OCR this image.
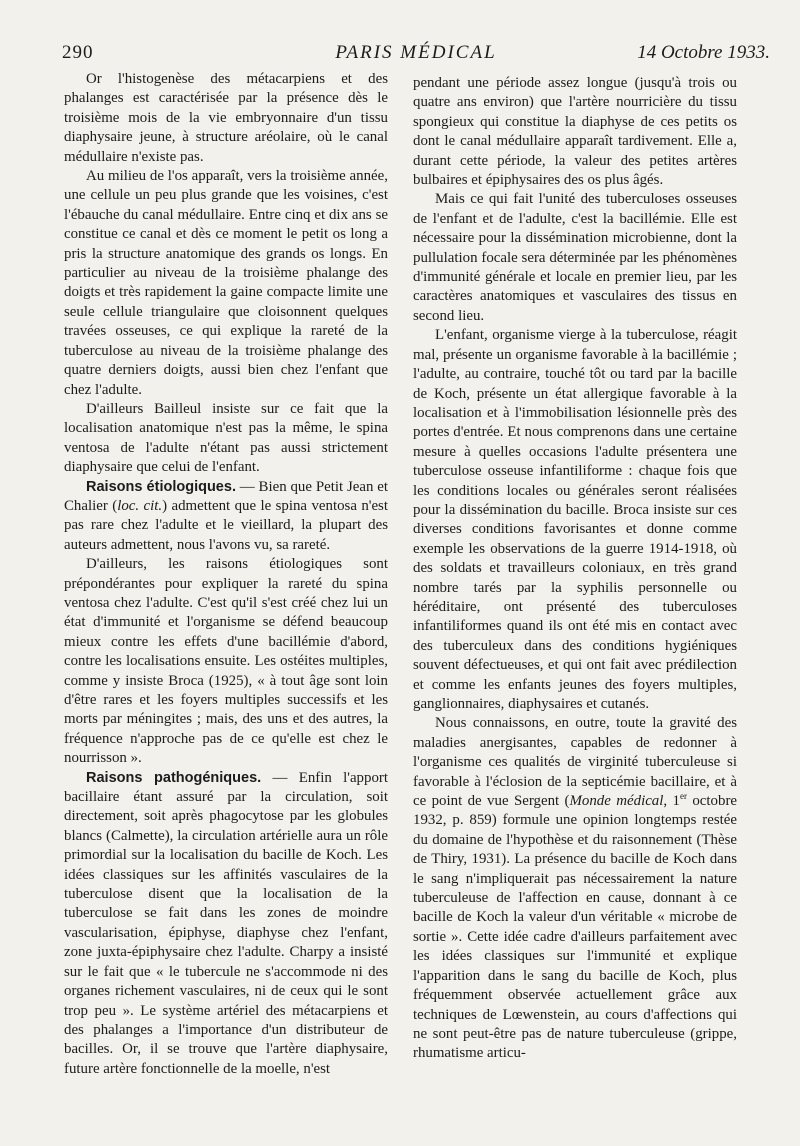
290	PARIS MÉDICAL	14 Octobre 1933.

Or l'histogenèse des métacarpiens et des phalanges est caractérisée par la présence dès le troisième mois de la vie embryonnaire d'un tissu diaphysaire jeune, à structure aréolaire, où le canal médullaire n'existe pas.

Au milieu de l'os apparaît, vers la troisième année, une cellule un peu plus grande que les voisines, c'est l'ébauche du canal médullaire. Entre cinq et dix ans se constitue ce canal et dès ce moment le petit os long a pris la structure anatomique des grands os longs. En particulier au niveau de la troisième phalange des doigts et très rapidement la gaine compacte limite une seule cellule triangulaire que cloisonnent quelques travées osseuses, ce qui explique la rareté de la tuberculose au niveau de la troisième phalange des quatre derniers doigts, aussi bien chez l'enfant que chez l'adulte.

D'ailleurs Bailleul insiste sur ce fait que la localisation anatomique n'est pas la même, le spina ventosa de l'adulte n'étant pas aussi strictement diaphysaire que celui de l'enfant.

Raisons étiologiques. — Bien que Petit Jean et Chalier (loc. cit.) admettent que le spina ventosa n'est pas rare chez l'adulte et le vieillard, la plupart des auteurs admettent, nous l'avons vu, sa rareté.

D'ailleurs, les raisons étiologiques sont prépondérantes pour expliquer la rareté du spina ventosa chez l'adulte. C'est qu'il s'est créé chez lui un état d'immunité et l'organisme se défend beaucoup mieux contre les effets d'une bacillémie d'abord, contre les localisations ensuite. Les ostéites multiples, comme y insiste Broca (1925), « à tout âge sont loin d'être rares et les foyers multiples successifs et les morts par méningites ; mais, des uns et des autres, la fréquence n'approche pas de ce qu'elle est chez le nourrisson ».

Raisons pathogéniques. — Enfin l'apport bacillaire étant assuré par la circulation, soit directement, soit après phagocytose par les globules blancs (Calmette), la circulation artérielle aura un rôle primordial sur la localisation du bacille de Koch. Les idées classiques sur les affinités vasculaires de la tuberculose disent que la localisation de la tuberculose se fait dans les zones de moindre vascularisation, épiphyse, diaphyse chez l'enfant, zone juxta-épiphysaire chez l'adulte. Charpy a insisté sur le fait que « le tubercule ne s'accommode ni des organes richement vasculaires, ni de ceux qui le sont trop peu ». Le système artériel des métacarpiens et des phalanges a l'importance d'un distributeur de bacilles. Or, il se trouve que l'artère diaphysaire, future artère fonctionnelle de la moelle, n'est

pendant une période assez longue (jusqu'à trois ou quatre ans environ) que l'artère nourricière du tissu spongieux qui constitue la diaphyse de ces petits os dont le canal médullaire apparaît tardivement. Elle a, durant cette période, la valeur des petites artères bulbaires et épiphysaires des os plus âgés.

Mais ce qui fait l'unité des tuberculoses osseuses de l'enfant et de l'adulte, c'est la bacillémie. Elle est nécessaire pour la dissémination microbienne, dont la pullulation focale sera déterminée par les phénomènes d'immunité générale et locale en premier lieu, par les caractères anatomiques et vasculaires des tissus en second lieu.

L'enfant, organisme vierge à la tuberculose, réagit mal, présente un organisme favorable à la bacillémie ; l'adulte, au contraire, touché tôt ou tard par la bacille de Koch, présente un état allergique favorable à la localisation et à l'immobilisation lésionnelle près des portes d'entrée. Et nous comprenons dans une certaine mesure à quelles occasions l'adulte présentera une tuberculose osseuse infantiliforme : chaque fois que les conditions locales ou générales seront réalisées pour la dissémination du bacille. Broca insiste sur ces diverses conditions favorisantes et donne comme exemple les observations de la guerre 1914-1918, où des soldats et travailleurs coloniaux, en très grand nombre tarés par la syphilis personnelle ou héréditaire, ont présenté des tuberculoses infantiliformes quand ils ont été mis en contact avec des tuberculeux dans des conditions hygiéniques souvent défectueuses, et qui ont fait avec prédilection et comme les enfants jeunes des foyers multiples, ganglionnaires, diaphysaires et cutanés.

Nous connaissons, en outre, toute la gravité des maladies anergisantes, capables de redonner à l'organisme ces qualités de virginité tuberculeuse si favorable à l'éclosion de la septicémie bacillaire, et à ce point de vue Sergent (Monde médical, 1er octobre 1932, p. 859) formule une opinion longtemps restée du domaine de l'hypothèse et du raisonnement (Thèse de Thiry, 1931). La présence du bacille de Koch dans le sang n'impliquerait pas nécessairement la nature tuberculeuse de l'affection en cause, donnant à ce bacille de Koch la valeur d'un véritable « microbe de sortie ». Cette idée cadre d'ailleurs parfaitement avec les idées classiques sur l'immunité et explique l'apparition dans le sang du bacille de Koch, plus fréquemment observée actuellement grâce aux techniques de Lœwenstein, au cours d'affections qui ne sont peut-être pas de nature tuberculeuse (grippe, rhumatisme articu-
